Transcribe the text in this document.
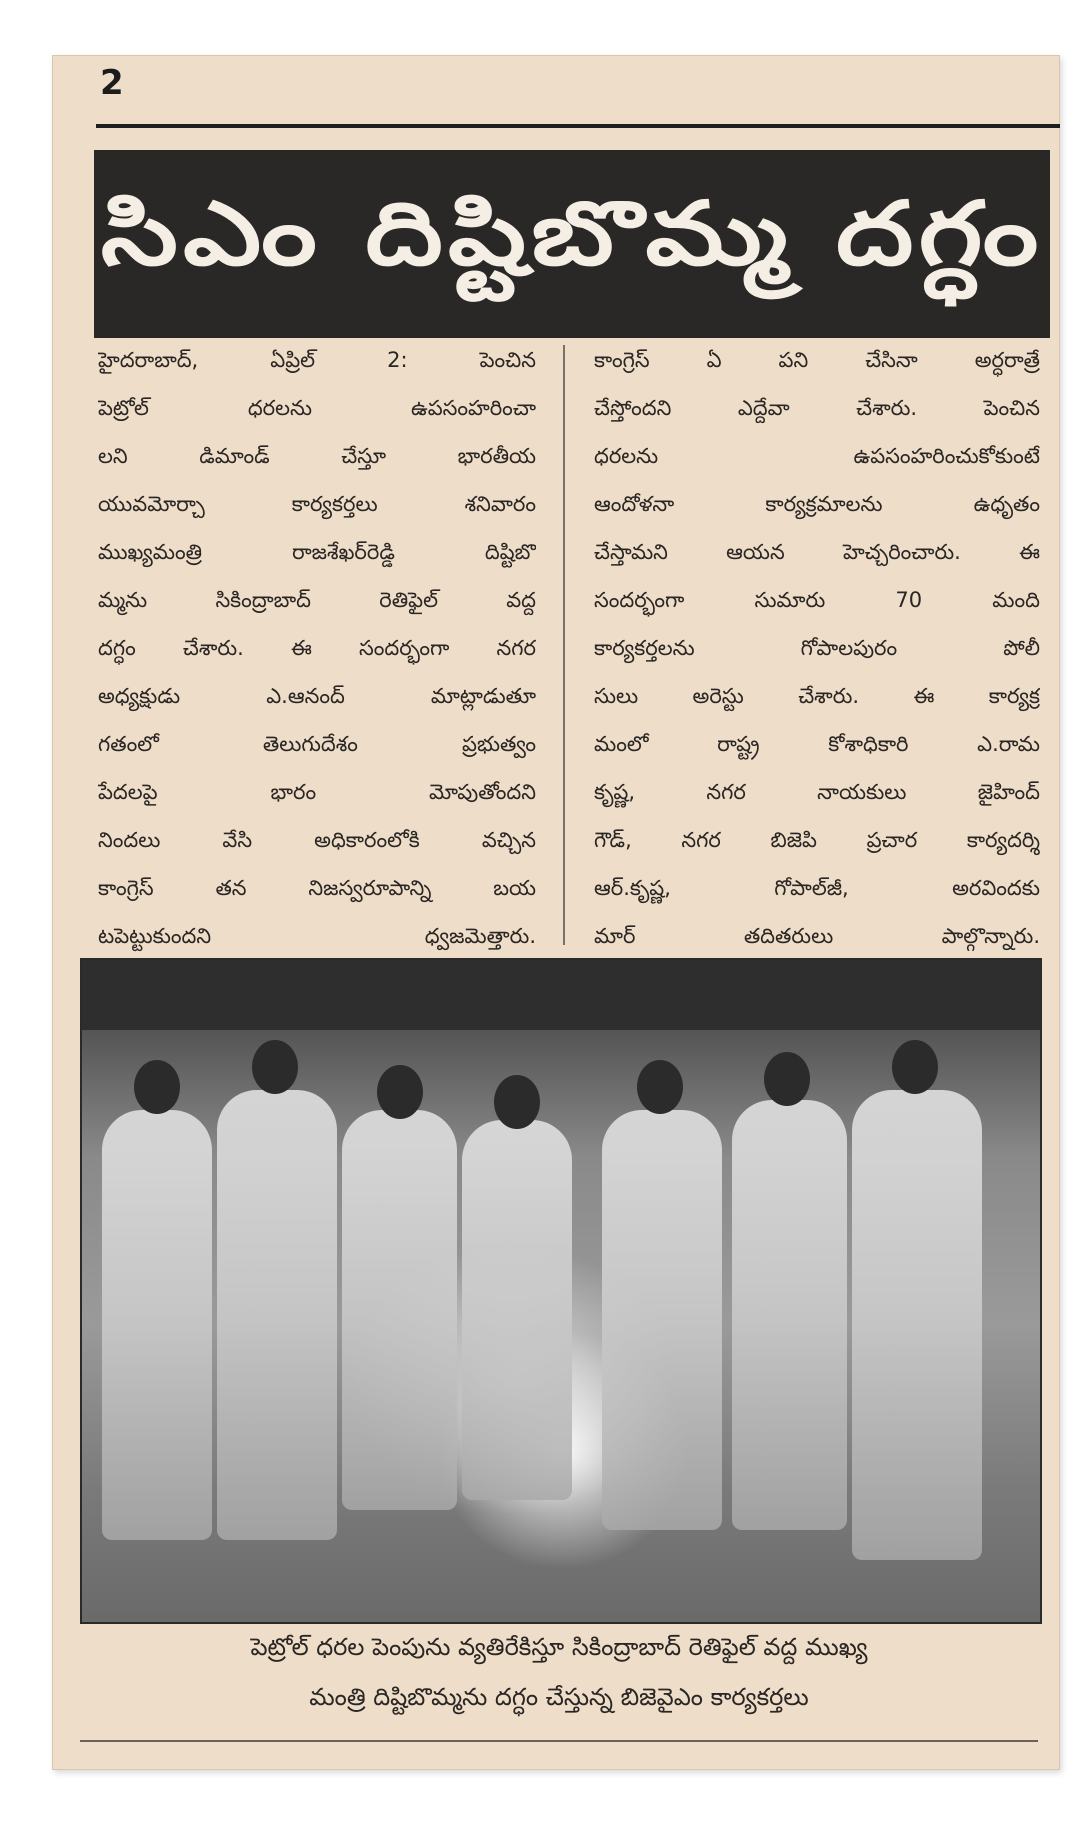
2
సిఎం దిష్టిబొమ్మ దగ్ధం
హైదరాబాద్, ఏప్రిల్ 2: పెంచిన
పెట్రోల్ ధరలను ఉపసంహరించా
లని డిమాండ్ చేస్తూ భారతీయ
యువమోర్చా కార్యకర్తలు శనివారం
ముఖ్యమంత్రి రాజశేఖర్‌రెడ్డి దిష్టిబొ
మ్మను సికింద్రాబాద్ రెతిఫైల్ వద్ద
దగ్ధం చేశారు. ఈ సందర్భంగా నగర
అధ్యక్షుడు ఎ.ఆనంద్ మాట్లాడుతూ
గతంలో తెలుగుదేశం ప్రభుత్వం
పేదలపై భారం మోపుతోందని
నిందలు వేసి అధికారంలోకి వచ్చిన
కాంగ్రెస్ తన నిజస్వరూపాన్ని బయ
టపెట్టుకుందని ధ్వజమెత్తారు.
కాంగ్రెస్ ఏ పని చేసినా అర్ధరాత్రే
చేస్తోందని ఎద్దేవా చేశారు. పెంచిన
ధరలను ఉపసంహరించుకోకుంటే
ఆందోళనా కార్యక్రమాలను ఉధృతం
చేస్తామని ఆయన హెచ్చరించారు. ఈ
సందర్భంగా సుమారు 70 మంది
కార్యకర్తలను గోపాలపురం పోలీ
సులు అరెస్టు చేశారు. ఈ కార్యక్ర
మంలో రాష్ట్ర కోశాధికారి ఎ.రామ
కృష్ణ, నగర నాయకులు జైహింద్
గౌడ్, నగర బిజెపి ప్రచార కార్యదర్శి
ఆర్.కృష్ణ, గోపాల్‌జీ, అరవిందకు
మార్ తదితరులు పాల్గొన్నారు.
పెట్రోల్ ధరల పెంపును వ్యతిరేకిస్తూ సికింద్రాబాద్ రెతిఫైల్ వద్ద ముఖ్య
మంత్రి దిష్టిబొమ్మను దగ్ధం చేస్తున్న బిజెవైఎం కార్యకర్తలు
